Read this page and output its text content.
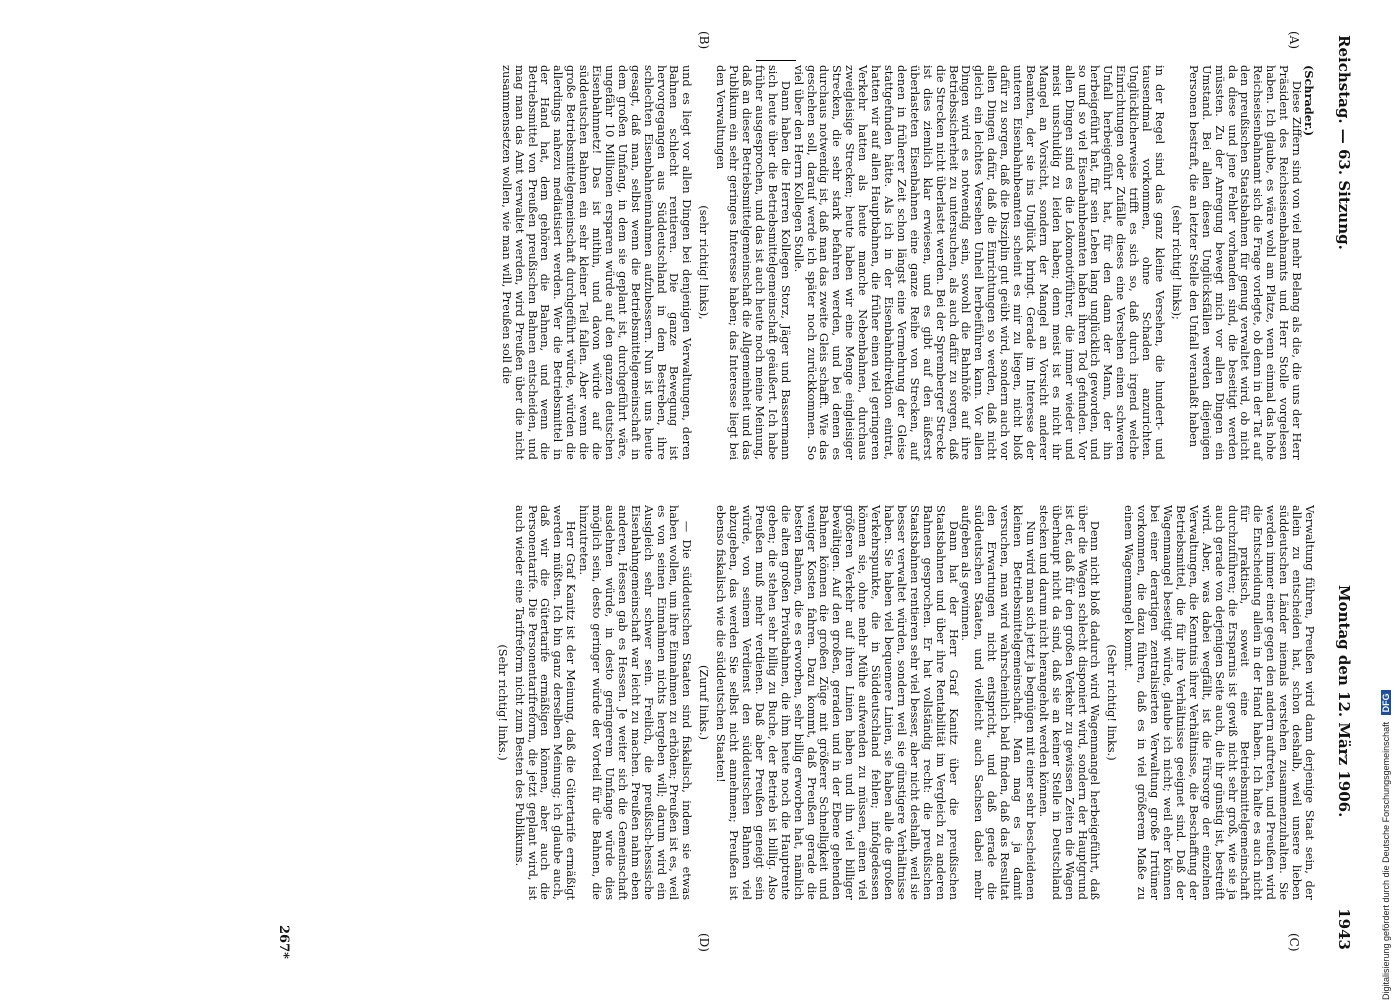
Reichstag. — 63. Sitzung.
Montag den 12. März 1906.
1943
(A)
(B)
(C)
(D)

(Schrader.)

Diese Ziffern sind von viel mehr Belang als die, die uns der Herr Präsident des Reichseisenbahnamts und Herr Stolle vorgelesen haben. Ich glaube, es wäre wohl am Platze, wenn einmal das hohe Reichseisenbahnamt sich die Frage vorlegte, ob denn in der Tat auf den preußischen Staatsbahnen für genug verwaltet wird, ob nicht da diese und jene Fehler vorhanden sind, die beseitigt werden müssten. Zu der Anregung bewegt mich vor allen Dingen ein Umstand. Bei allen diesen Unglücksfällen werden diejenigen Personen bestraft, die an letzter Stelle den Unfall veranlaßt haben

(sehr richtig! links);

in der Regel sind das ganz kleine Versehen, die hundert- und tausendmal vorkommen, ohne Schaden anzurichten. Unglücklicherweise trifft es sich so, daß durch irgend welche Einrichtungen oder Zufälle dieses eine Versehen einen schweren Unfall herbeigeführt hat, für den dann der Mann, der ihn herbeigeführt hat, für sein Leben lang unglücklich geworden, und so und so viel Eisenbahnbeamten haben ihren Tod gefunden. Vor allen Dingen sind es die Lokomotivführer, die immer wieder und meist unschuldig zu leiden haben; denn meist ist es nicht ihr Mangel an Vorsicht, sondern der Mangel an Vorsicht anderer Beamten, der sie ins Unglück bringt. Gerade im Interesse der unteren Eisenbahnbeamten scheint es mir zu liegen, nicht bloß dafür zu sorgen, daß die Disziplin gut geübt wird, sondern auch vor allen Dingen dafür, daß die Einrichtungen so werden, daß nicht gleich ein leichtes Versehen Unheil herbeiführen kann. Vor allen Dingen wird es notwendig sein, sowohl die Bahnhöfe auf ihre Betriebssicherheit zu untersuchen, als auch dafür zu sorgen, daß die Strecken nicht überlastet werden. Bei der Spremberger Strecke ist dies ziemlich klar erwiesen, und es gibt auf den äußerst überlasteten Eisenbahnen eine ganze Reihe von Strecken, auf denen in früherer Zeit schon längst eine Vermehrung der Gleise stattgefunden hätte. Als ich in der Eisenbahndirektion eintrat, hatten wir auf allen Hauptbahnen, die früher einen viel geringeren Verkehr hatten als heute manche Nebenbahnen, durchaus zweigleisige Strecken; heute haben wir eine Menge eingleisiger Strecken, die sehr stark befahren werden, und bei denen es durchaus notwendig ist, daß man das zweite Gleis schafft. Wie das geschehen soll, darauf werde ich später noch zurückkommen. So viel über den Herrn Kollegen Stolle.

Dann haben die Herren Kollegen Storz, Jäger und Bassermann sich heute über die Betriebsmittelgemeinschaft geäußert. Ich habe früher ausgesprochen, und das ist auch heute noch meine Meinung, daß an dieser Betriebsmittelgemeinschaft die Allgemeinheit und das Publikum ein sehr geringes Interesse haben; das Interesse liegt bei den Verwaltungen

(sehr richtig! links),

und es liegt vor allen Dingen bei denjenigen Verwaltungen, deren Bahnen schlecht rentieren. Die ganze Bewegung ist hervorgegangen aus Süddeutschland in dem Bestreben, ihre schlechten Eisenbahneinnahmen aufzubessern. Nun ist uns heute gesagt, daß man, selbst wenn die Betriebsmittelgemeinschaft in dem großen Umfang, in dem sie geplant ist, durchgeführt wäre, ungefähr 10 Millionen ersparen würde auf den ganzen deutschen Eisenbahnnetz! Das ist mithin, und davon würde auf die süddeutschen Bahnen ein sehr kleiner Teil fallen. Aber wenn die große Betriebsmittelgemeinschaft durchgeführt würde, würden die allerdings nahezu mediatisiert werden. Wer die Betriebsmittel in der Hand hat, dem gehören die Bahnen, und wenn die Betriebsmittel von Preußen preußischen Bahnen entscheiden, und mag man das Amt verwaltet werden, wird Preußen über die nicht zusammensetzen wollen, wie man will, Preußen soll die

Verwaltung führen, Preußen wird dann derjenige Staat sein, der allein zu entscheiden hat, schon deshalb, weil unsere lieben süddeutschen Länder niemals verstehen zusammenzuhalten. Sie werden immer einer gegen den andern auftreten, und Preußen wird die Entscheidung allein in der Hand haben. Ich halte es auch nicht für praktisch, soweit eine Betriebsmittelgemeinschaft durchzuführen; die Ersparnis ist gewiß nicht sehr groß, wie sie ja auch gerade von derjenigen Seite auch, die ihr günstig ist, bestreift wird. Aber, was dabei wegfällt, ist die Fürsorge der einzelnen Verwaltungen, die Kenntnis ihrer Verhältnisse, die Beschaffung der Betriebsmittel, die für ihre Verhältnisse geeignet sind. Daß der Wagenmangel beseitigt würde, glaube ich nicht; weil eher können bei einer derartigen zentralisierten Verwaltung große Irrtümer vorkommen, die dazu führen, daß es in viel größerem Maße zu einem Wagenmangel kommt.

(Sehr richtig! links.)

Denn nicht bloß dadurch wird Wagenmangel herbeigeführt, daß über die Wagen schlecht disponiert wird, sondern der Hauptgrund ist der, daß für den großen Verkehr zu gewissen Zeiten die Wagen überhaupt nicht da sind, daß sie an keiner Stelle in Deutschland stecken und darum nicht herangeholt werden können.

Nun wird man sich jetzt ja begnügen mit einer sehr bescheidenen kleinen Betriebsmittelgemeinschaft. Man mag es ja damit versuchen, man wird wahrscheinlich bald finden, daß das Resultat den Erwartungen nicht entspricht, und daß gerade die süddeutschen Staaten, und vielleicht auch Sachsen dabei mehr aufgeben als gewinnen.

Dann hat der Herr Graf Kanitz über die preußischen Staatsbahnen und über ihre Rentabilität im Vergleich zu anderen Bahnen gesprochen. Er hat vollständig recht: die preußischen Staatsbahnen rentieren sehr viel besser, aber nicht deshalb, weil sie besser verwaltet würden, sondern weil sie günstigere Verhältnisse haben. Sie haben viel bequemere Linien, sie haben alle die großen Verkehrspunkte, die in Süddeutschland fehlen; infolgedessen können sie, ohne mehr Mühe aufwenden zu müssen, einen viel größeren Verkehr auf ihren Linien haben und ihn viel billiger bewältigen. Auf den großen, geraden und in der Ebene gehenden Bahnen können die großen Züge mit größerer Schnelligkeit und weniger Kosten fahren. Dazu kommt, daß Preußen gerade die besten Bahnen, die es erworben, sehr billig erworben hat, nämlich die alten großen Privatbahnen, die ihm heute noch die Hauptrente geben; die stehen sehr billig zu Buche, der Betrieb ist billig. Also Preußen muß mehr verdienen. Daß aber Preußen geneigt sein würde, von seinem Verdienst den süddeutschen Bahnen viel abzugeben, das werden Sie selbst nicht annehmen; Preußen ist ebenso fiskalisch wie die süddeutschen Staaten!

(Zuruf links.)

— Die süddeutschen Staaten sind fiskalisch, indem sie etwas haben wollen, um ihre Einnahmen zu erhöhen; Preußen ist es, weil es von seinen Einnahmen nichts hergeben will; darum wird ein Ausgleich sehr schwer sein. Freilich, die preußisch-hessische Eisenbahngemeinschaft war leicht zu machen. Preußen nahm eben anderen, Hessen gab es Hessen. Je weiter sich die Gemeinschaft ausdehnen würde, in desto geringerem Umfange würde dies möglich sein, desto geringer würde der Vorteil für die Bahnen, die hinzutreten.

Herr Graf Kanitz ist der Meinung, daß die Gütertarife ermäßigt werden müßten. Ich bin ganz derselben Meinung; ich glaube auch, daß wir die Gütertarife ermäßigen können, aber auch die Personentarife. Die Personentarifreform, die jetzt geplant wird, ist auch wieder eine Tarifreform nicht zum Besten des Publikums.

(Sehr richtig! links.)

267*	Digitalisierung gefördert durch die Deutsche Forschungsgemeinschaft DFG
